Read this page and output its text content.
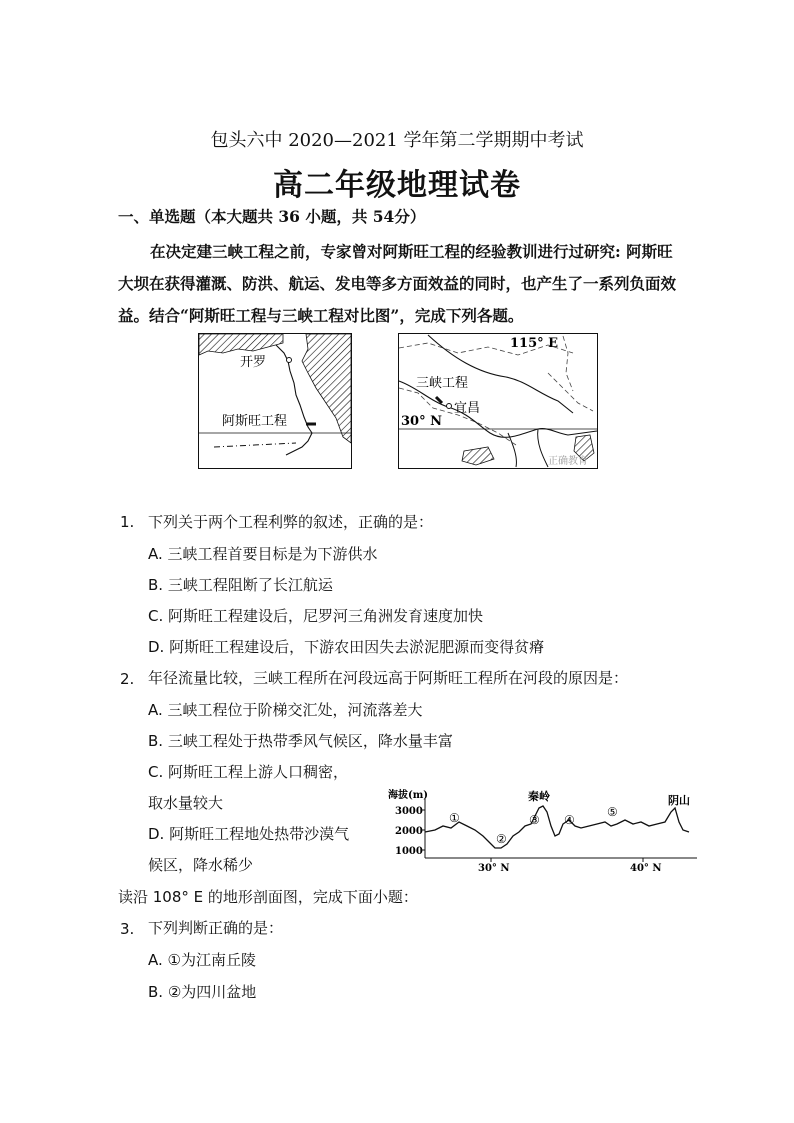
包头六中 2020—2021 学年第二学期期中考试
高二年级地理试卷
一、单选题（本大题共 36 小题，共 54分）
在决定建三峡工程之前，专家曾对阿斯旺工程的经验教训进行过研究: 阿斯旺大坝在获得灌溉、防洪、航运、发电等多方面效益的同时，也产生了一系列负面效益。结合“阿斯旺工程与三峡工程对比图”，完成下列各题。
开罗
阿斯旺工程
115° E
三峡工程
宜昌
30° N
正确教育
1. 下列关于两个工程利弊的叙述，正确的是：
A. 三峡工程首要目标是为下游供水
B. 三峡工程阻断了长江航运
C. 阿斯旺工程建设后，尼罗河三角洲发育速度加快
D. 阿斯旺工程建设后，下游农田因失去淤泥肥源而变得贫瘠
2. 年径流量比较，三峡工程所在河段远高于阿斯旺工程所在河段的原因是：
A. 三峡工程位于阶梯交汇处，河流落差大
B. 三峡工程处于热带季风气候区，降水量丰富
C. 阿斯旺工程上游人口稠密，
取水量较大
D. 阿斯旺工程地处热带沙漠气
候区，降水稀少
海拔(m)
3000
2000
1000
30° N	40° N
①
②
③ ④
⑤
秦岭	阴山
读沿 108° E 的地形剖面图，完成下面小题：
3. 下列判断正确的是：
A. ①为江南丘陵
B. ②为四川盆地
